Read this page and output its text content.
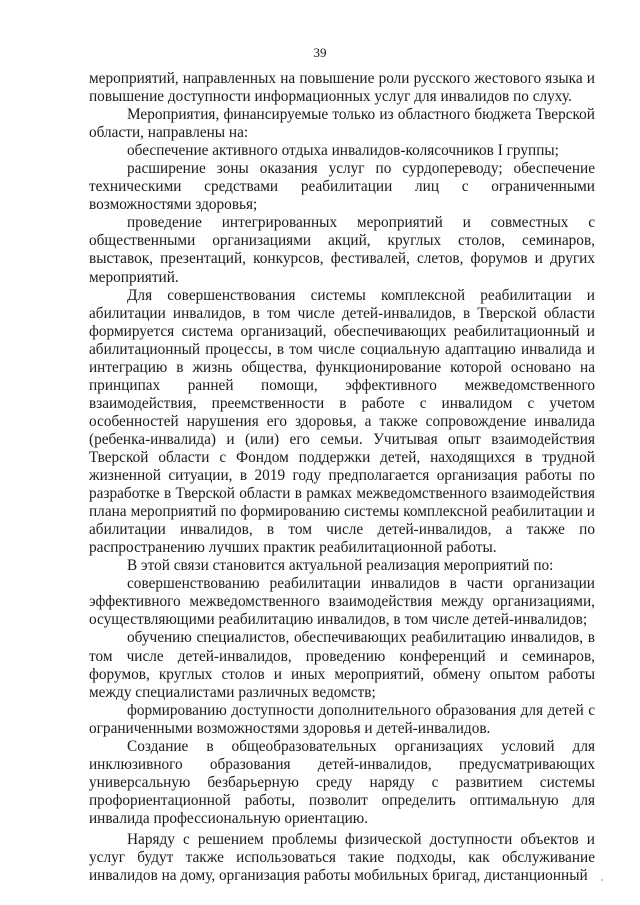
39

мероприятий, направленных на повышение роли русского жестового языка и повышение доступности информационных услуг для инвалидов по слуху.

Мероприятия, финансируемые только из областного бюджета Тверской области, направлены на:

обеспечение активного отдыха инвалидов-колясочников I группы;

расширение зоны оказания услуг по сурдопереводу; обеспечение техническими средствами реабилитации лиц с ограниченными возможностями здоровья;

проведение интегрированных мероприятий и совместных с общественными организациями акций, круглых столов, семинаров, выставок, презентаций, конкурсов, фестивалей, слетов, форумов и других мероприятий.

Для совершенствования системы комплексной реабилитации и абилитации инвалидов, в том числе детей-инвалидов, в Тверской области формируется система организаций, обеспечивающих реабилитационный и абилитационный процессы, в том числе социальную адаптацию инвалида и интеграцию в жизнь общества, функционирование которой основано на принципах ранней помощи, эффективного межведомственного взаимодействия, преемственности в работе с инвалидом с учетом особенностей нарушения его здоровья, а также сопровождение инвалида (ребенка-инвалида) и (или) его семьи. Учитывая опыт взаимодействия Тверской области с Фондом поддержки детей, находящихся в трудной жизненной ситуации, в 2019 году предполагается организация работы по разработке в Тверской области в рамках межведомственного взаимодействия плана мероприятий по формированию системы комплексной реабилитации и абилитации инвалидов, в том числе детей-инвалидов, а также по распространению лучших практик реабилитационной работы.

В этой связи становится актуальной реализация мероприятий по:

совершенствованию реабилитации инвалидов в части организации эффективного межведомственного взаимодействия между организациями, осуществляющими реабилитацию инвалидов, в том числе детей-инвалидов;

обучению специалистов, обеспечивающих реабилитацию инвалидов, в том числе детей-инвалидов, проведению конференций и семинаров, форумов, круглых столов и иных мероприятий, обмену опытом работы между специалистами различных ведомств;

формированию доступности дополнительного образования для детей с ограниченными возможностями здоровья и детей-инвалидов.

Создание в общеобразовательных организациях условий для инклюзивного образования детей-инвалидов, предусматривающих универсальную безбарьерную среду наряду с развитием системы профориентационной работы, позволит определить оптимальную для инвалида профессиональную ориентацию.

Наряду с решением проблемы физической доступности объектов и услуг будут также использоваться такие подходы, как обслуживание инвалидов на дому, организация работы мобильных бригад, дистанционный
